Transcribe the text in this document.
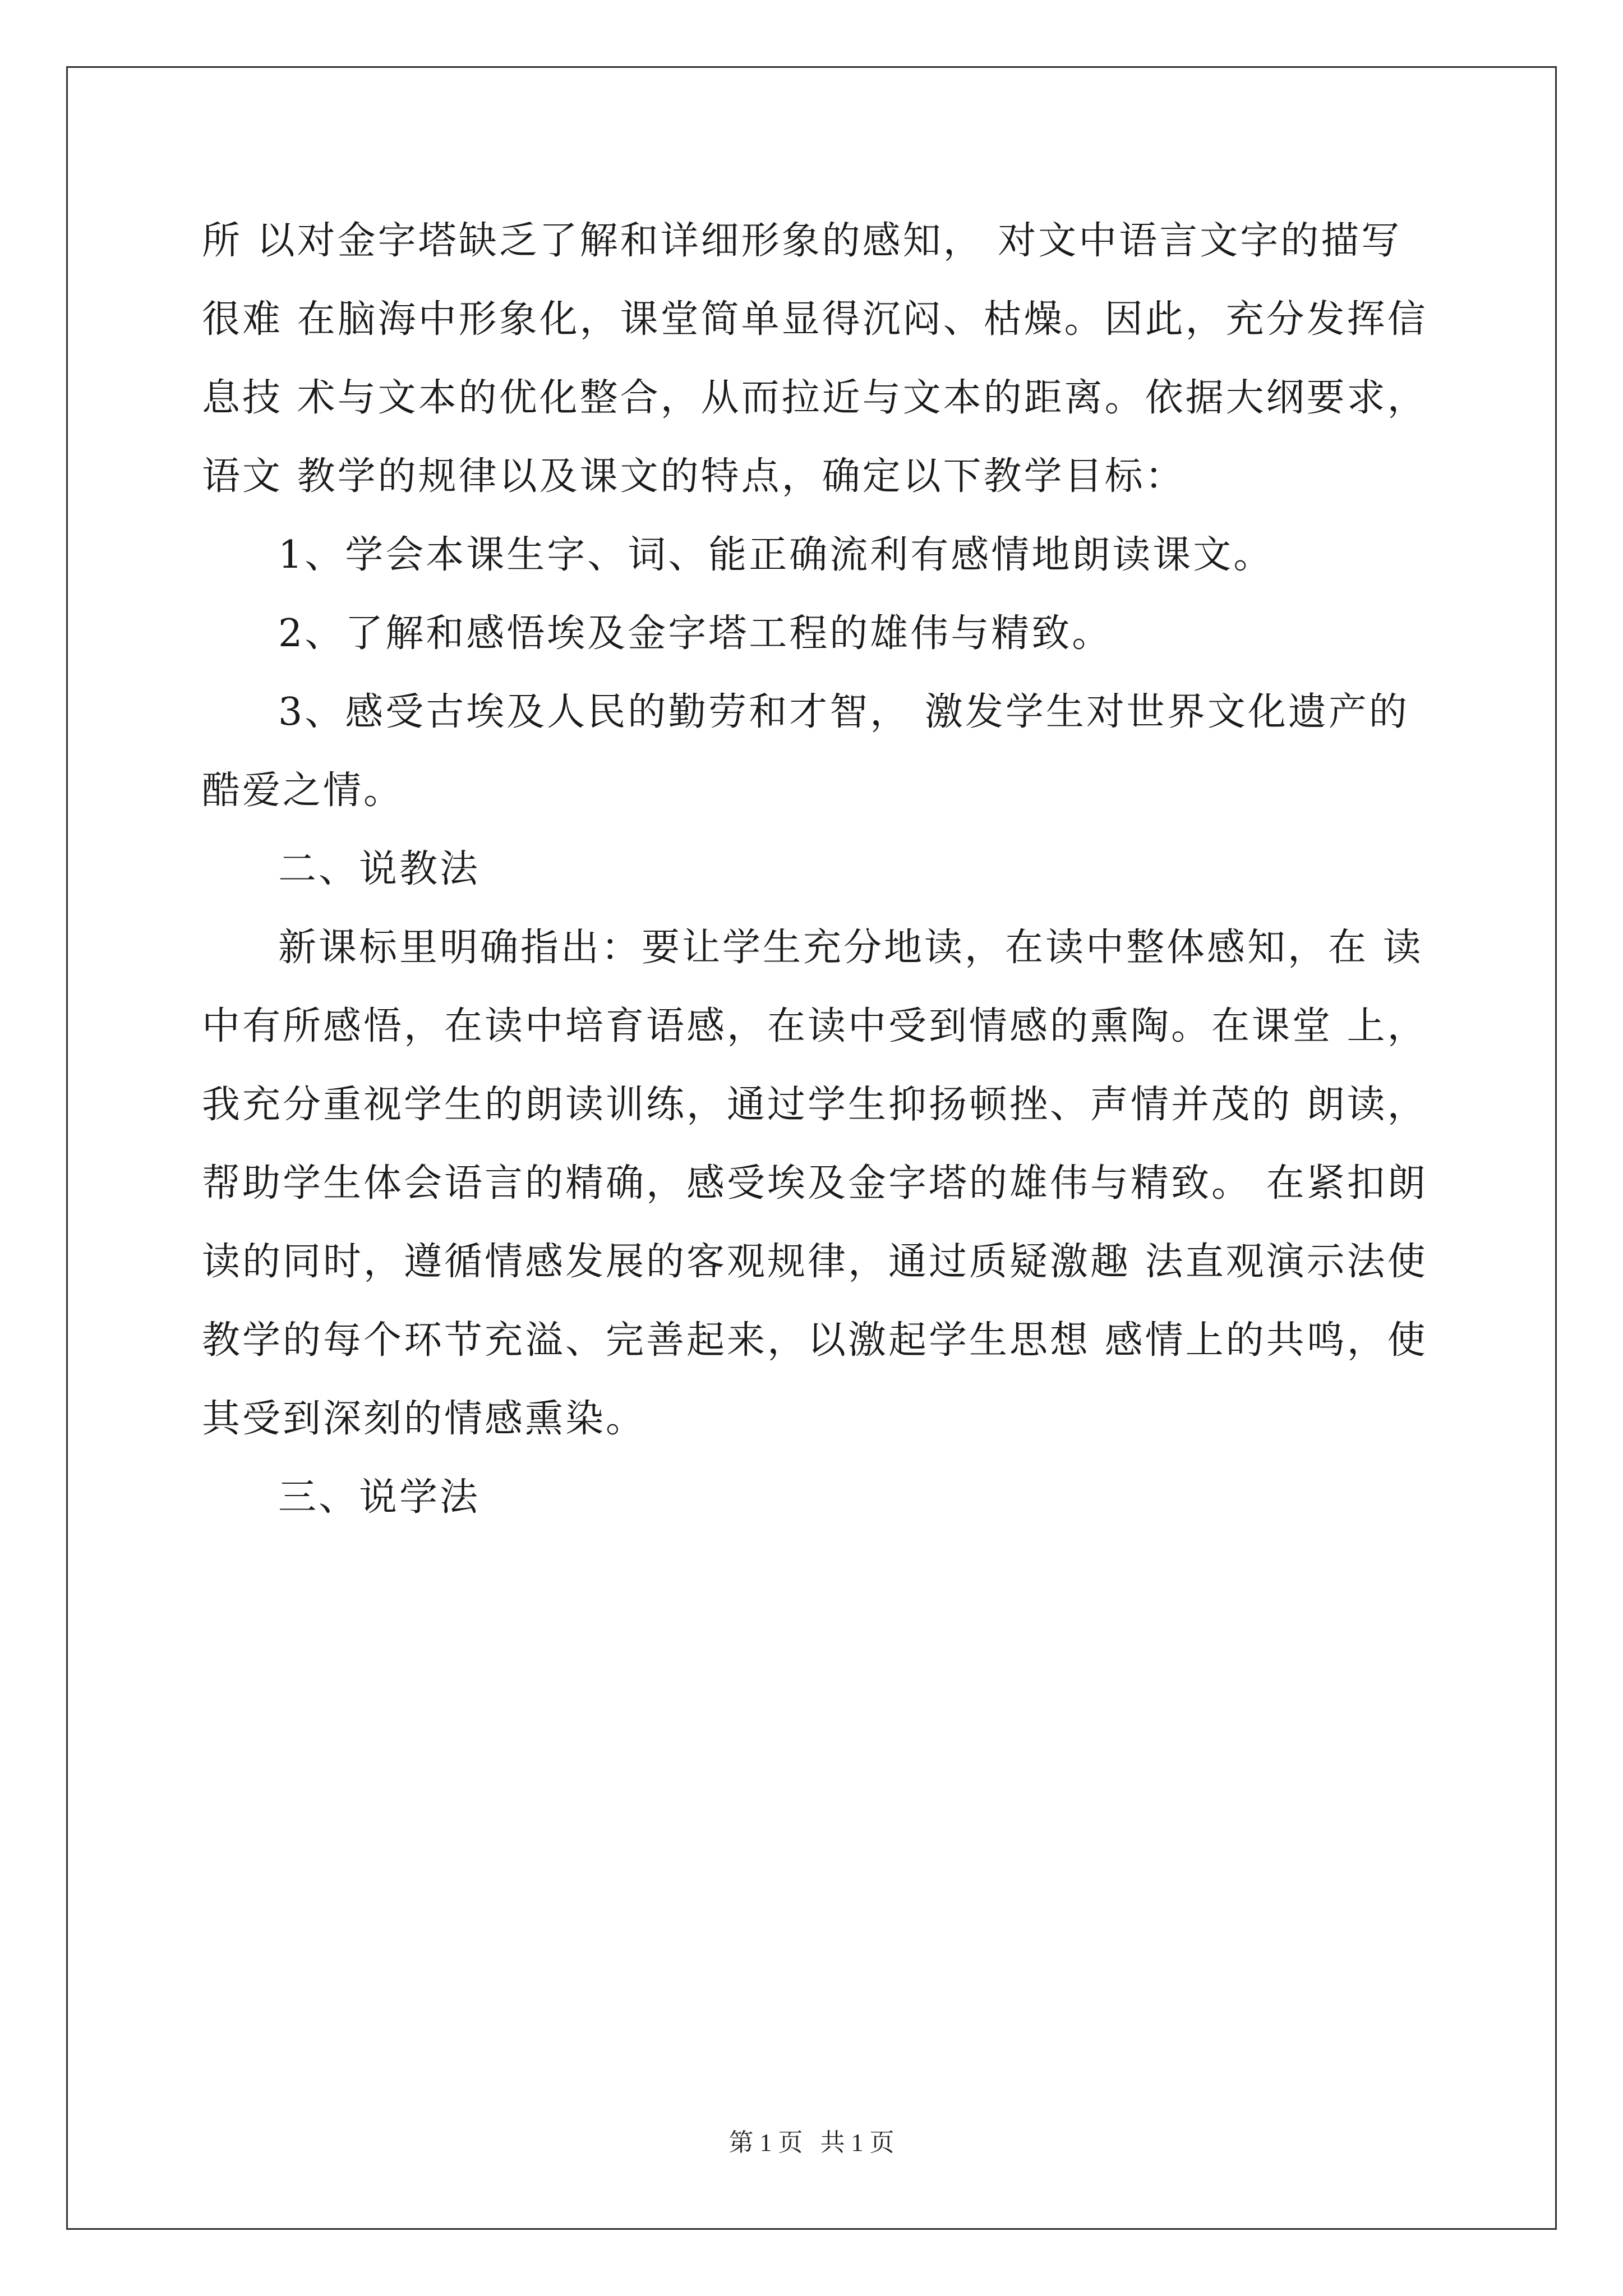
所 以对金字塔缺乏了解和详细形象的感知， 对文中语言文字的描写
很难 在脑海中形象化，课堂简单显得沉闷、枯燥。因此，充分发挥信
息技 术与文本的优化整合，从而拉近与文本的距离。依据大纲要求，
语文 教学的规律以及课文的特点，确定以下教学目标：
1、学会本课生字、词、能正确流利有感情地朗读课文。
2、了解和感悟埃及金字塔工程的雄伟与精致。
3、感受古埃及人民的勤劳和才智， 激发学生对世界文化遗产的
酷爱之情。
二、说教法
新课标里明确指出：要让学生充分地读，在读中整体感知，在 读
中有所感悟，在读中培育语感，在读中受到情感的熏陶。在课堂 上，
我充分重视学生的朗读训练，通过学生抑扬顿挫、声情并茂的 朗读，
帮助学生体会语言的精确，感受埃及金字塔的雄伟与精致。 在紧扣朗
读的同时，遵循情感发展的客观规律，通过质疑激趣 法直观演示法使
教学的每个环节充溢、完善起来，以激起学生思想 感情上的共鸣，使
其受到深刻的情感熏染。
三、说学法
第 1 页 共 1 页
